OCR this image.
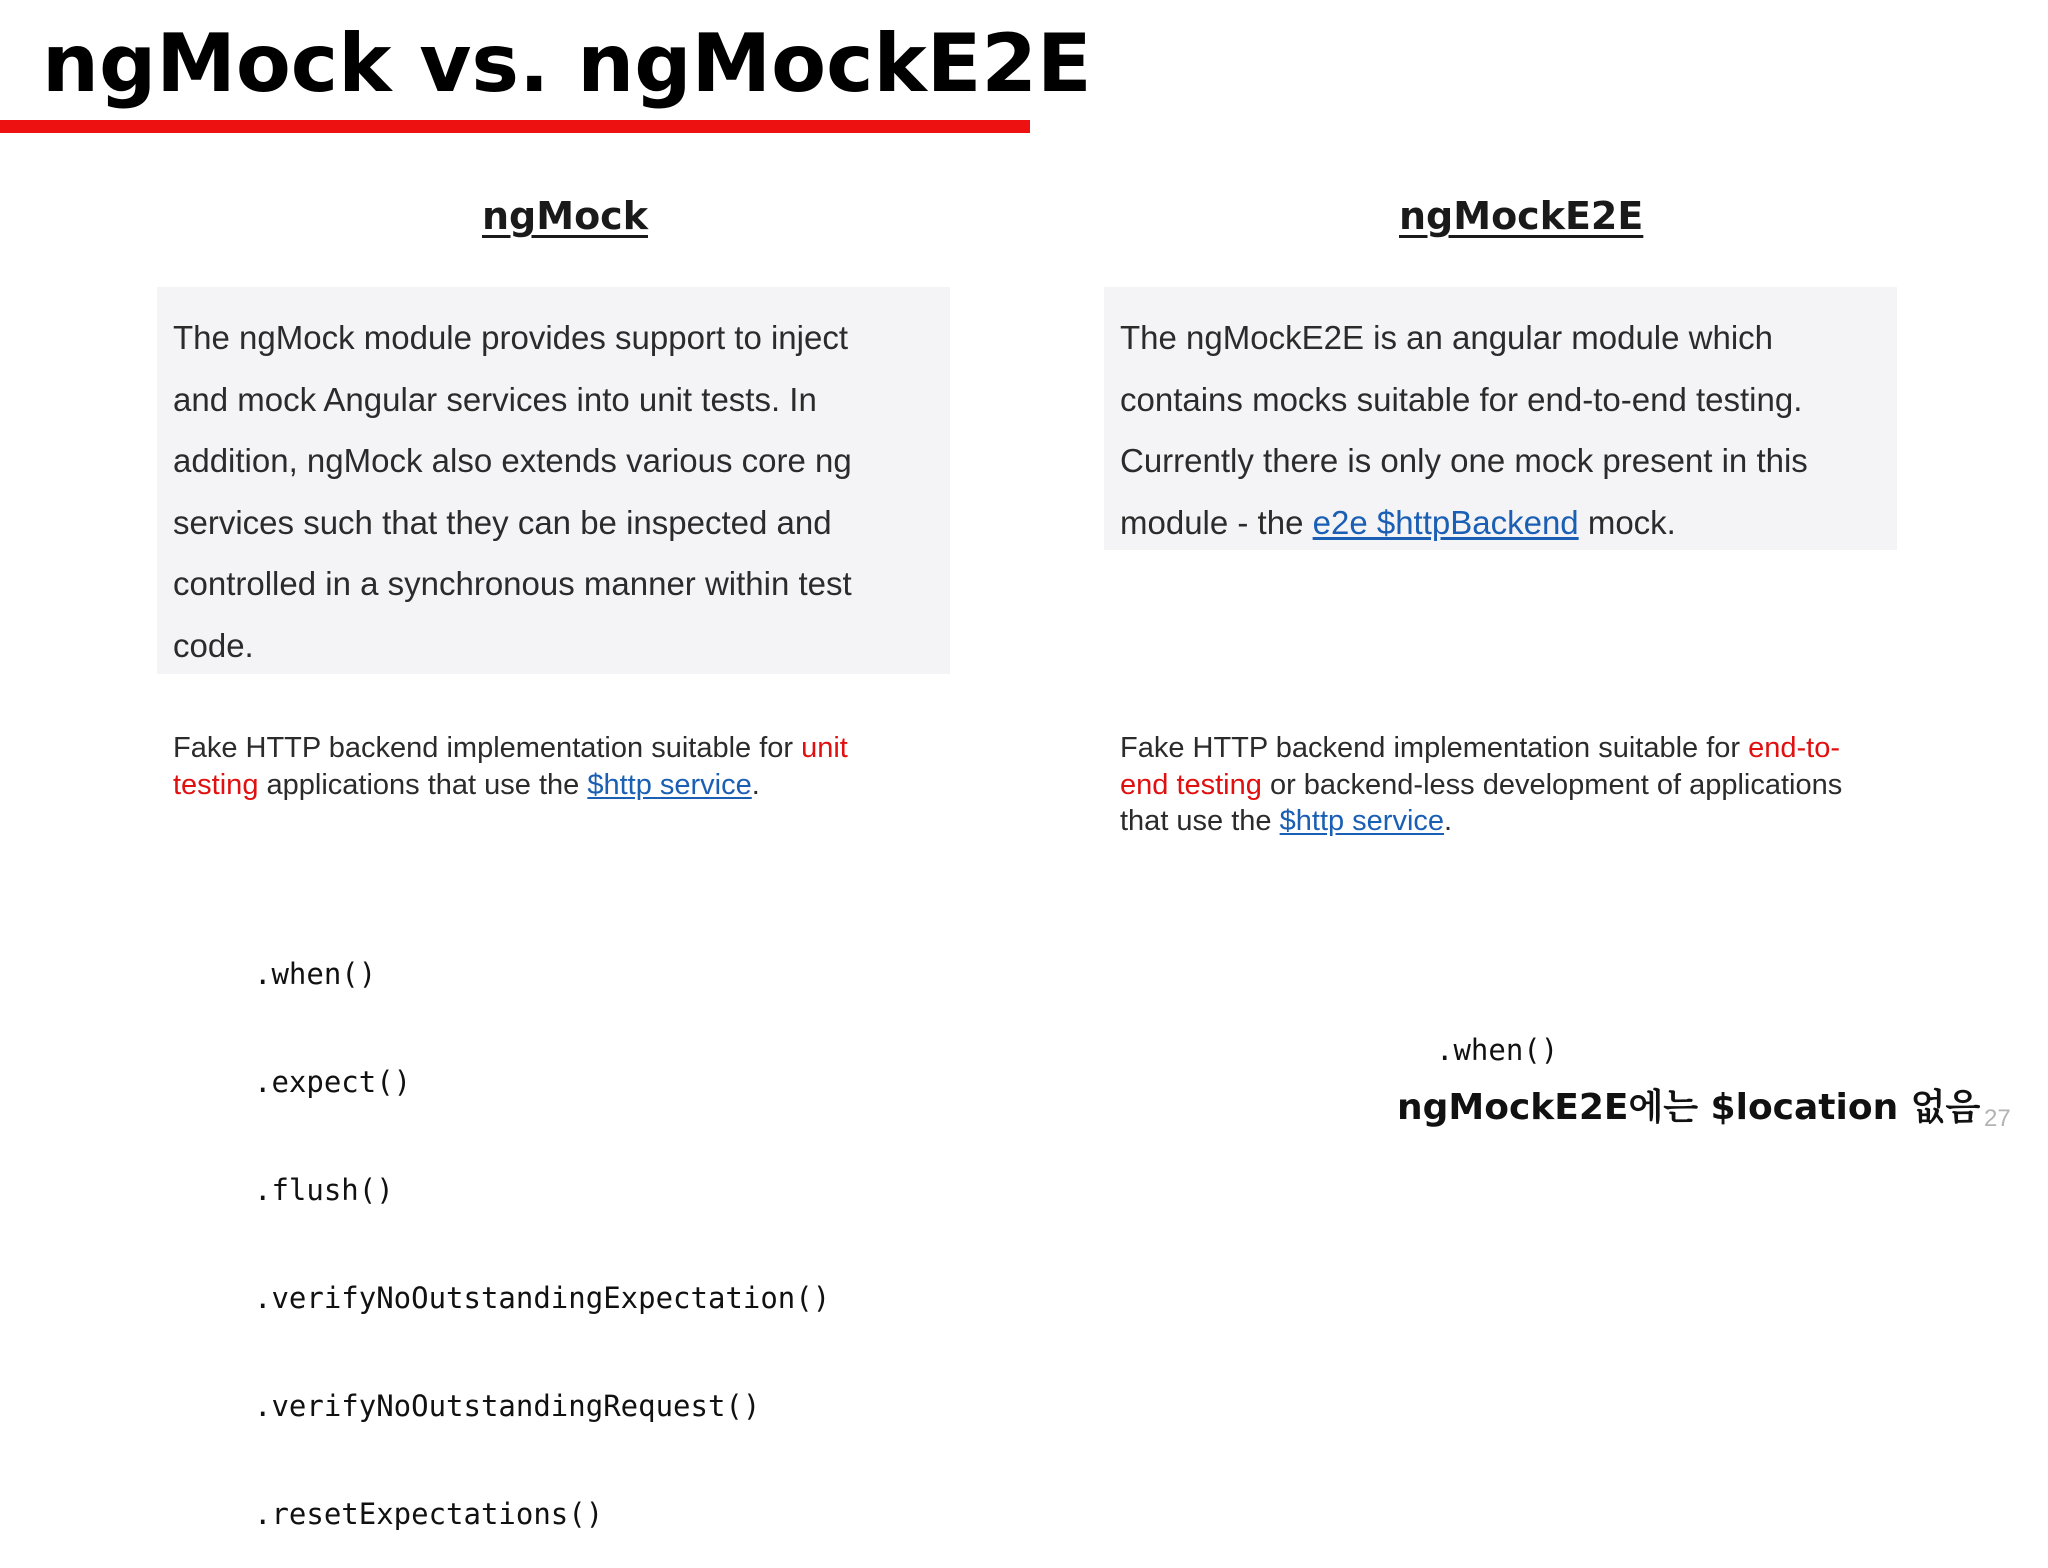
ngMock vs. ngMockE2E
ngMock

The ngMock module provides support to inject
and mock Angular services into unit tests. In
addition, ngMock also extends various core ng
services such that they can be inspected and
controlled in a synchronous manner within test
code.

Fake HTTP backend implementation suitable for unit
testing applications that use the $http service.

.when()

.expect()

.flush()

.verifyNoOutstandingExpectation()

.verifyNoOutstandingRequest()

.resetExpectations()

ngMockE2E

The ngMockE2E is an angular module which
contains mocks suitable for end-to-end testing.
Currently there is only one mock present in this
module - the e2e $httpBackend mock.

Fake HTTP backend implementation suitable for end-to-
end testing or backend-less development of applications
that use the $http service.

.when()

ngMockE2E에는 $location 없음 27
